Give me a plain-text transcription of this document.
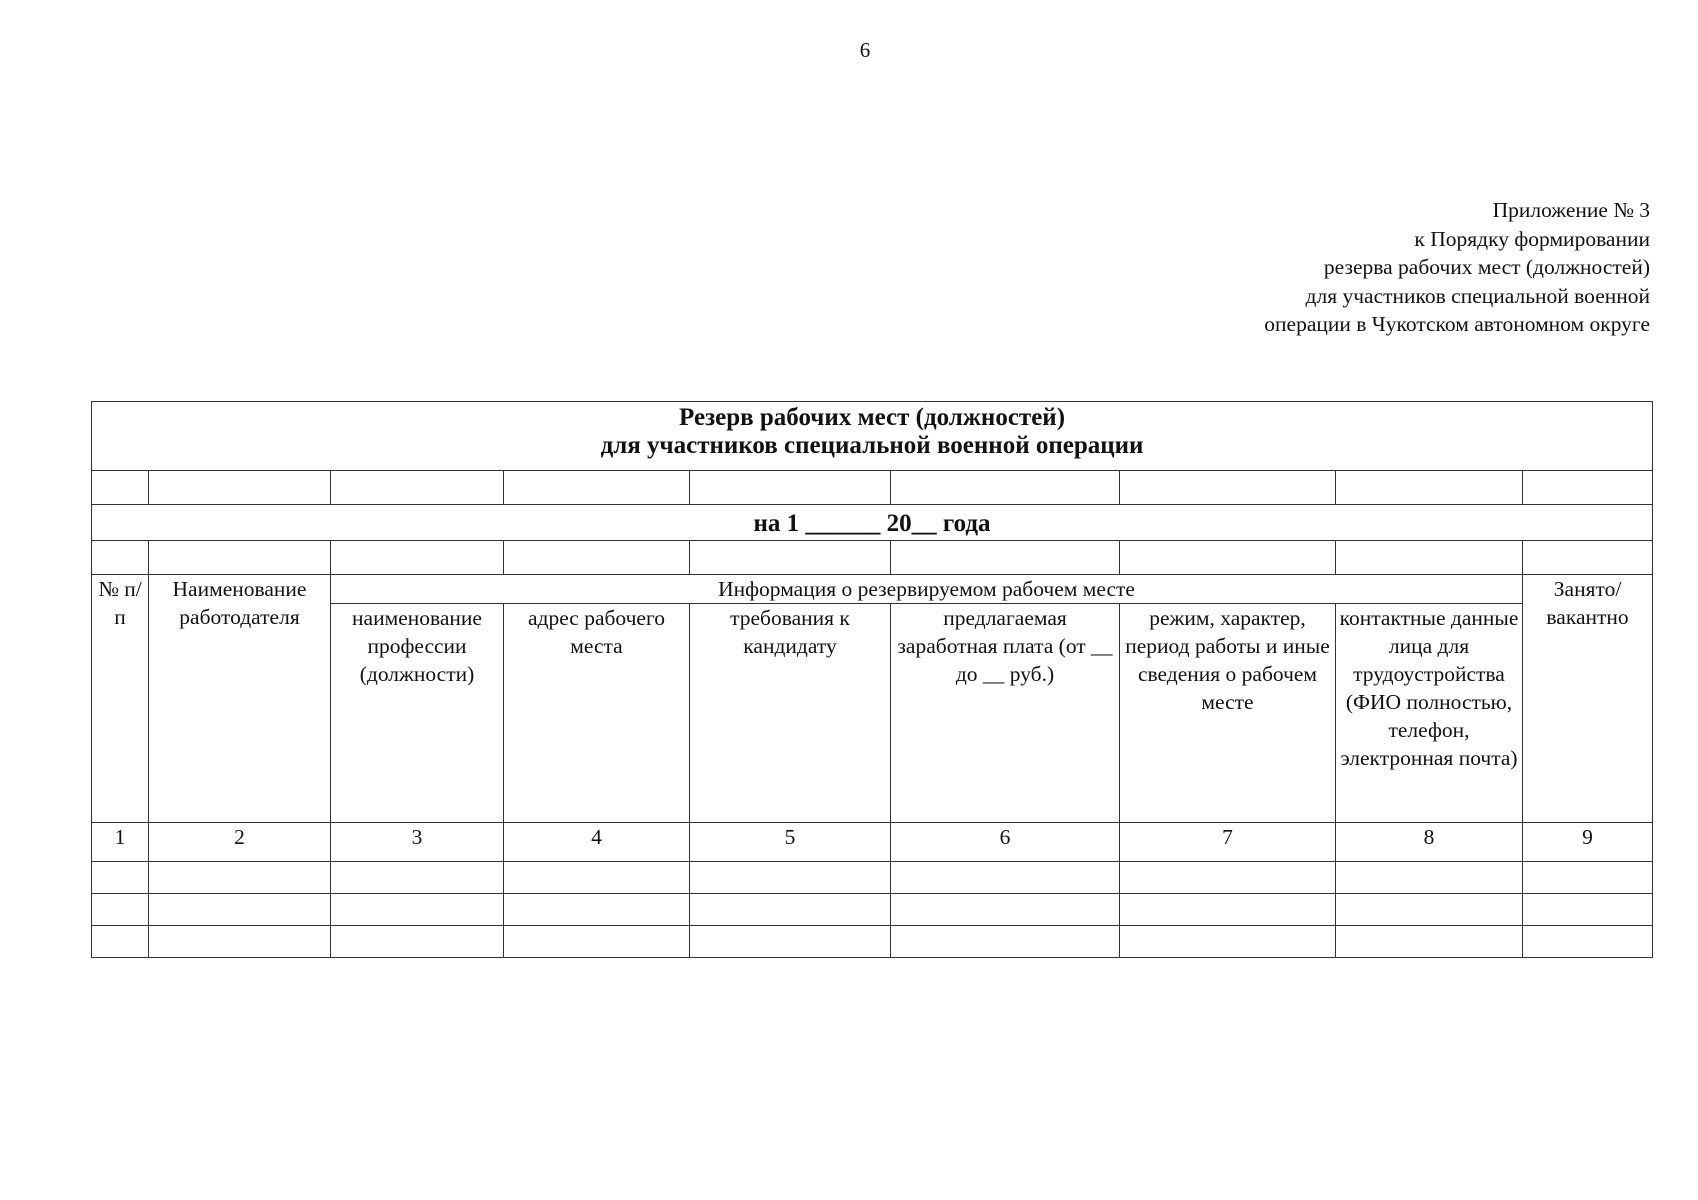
6
Приложение № 3
к Порядку формировании
резерва рабочих мест (должностей)
для участников специальной военной
операции в Чукотском автономном округе
Резерв рабочих мест (должностей)
для участников специальной военной операции								

на 1 ______ 20__ года								

№ п/п	Наименование работодателя	Информация о резервируемом рабочем месте						Занято/ вакантно

		наименование профессии (должности)	адрес рабочего места	требования к кандидату	предлагаемая заработная плата (от __ до __ руб.)	режим, характер, период работы и иные сведения о рабочем месте	контактные данные лица для трудоустройства (ФИО полностью, телефон, электронная почта)	

1	2	3	4	5	6	7	8	9
